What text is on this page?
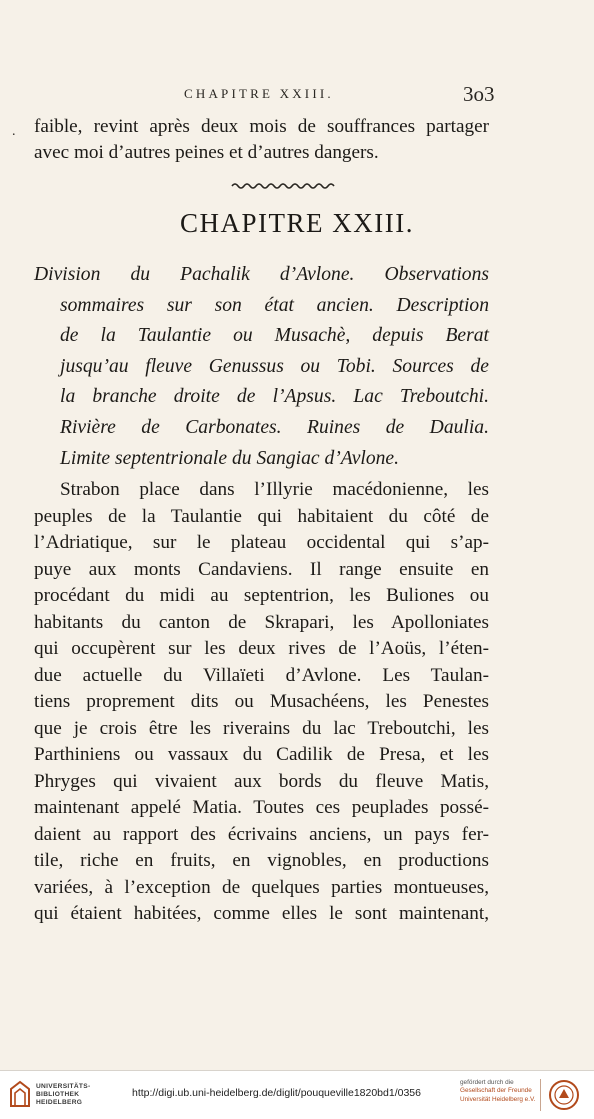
CHAPITRE XXIII.	3o3
. faible, revint après deux mois de souffrances partager
avec moi d’autres peines et d’autres dangers.
CHAPITRE XXIII.
Division du Pachalik d’Avlone. Observations
sommaires sur son état ancien. Description
de la Taulantie ou Musachè, depuis Berat
jusqu’au fleuve Genussus ou Tobi. Sources de
la branche droite de l’Apsus. Lac Treboutchi.
Rivière de Carbonates. Ruines de Daulia.
Limite septentrionale du Sangiac d’Avlone.
Strabon place dans l’Illyrie macédonienne, les
peuples de la Taulantie qui habitaient du côté de
l’Adriatique, sur le plateau occidental qui s’ap-
puye aux monts Candaviens. Il range ensuite en
procédant du midi au septentrion, les Buliones ou
habitants du canton de Skrapari, les Apolloniates
qui occupèrent sur les deux rives de l’Aoüs, l’éten-
due actuelle du Villaïeti d’Avlone. Les Taulan-
tiens proprement dits ou Musachéens, les Penestes
que je crois être les riverains du lac Treboutchi, les
Parthiniens ou vassaux du Cadilik de Presa, et les
Phryges qui vivaient aux bords du fleuve Matis,
maintenant appelé Matia. Toutes ces peuplades possé-
daient au rapport des écrivains anciens, un pays fer-
tile, riche en fruits, en vignobles, en productions
variées, à l’exception de quelques parties montueuses,
qui étaient habitées, comme elles le sont maintenant,
UNIVERSITÄTS-
BIBLIOTHEK
HEIDELBERG
http://digi.ub.uni-heidelberg.de/diglit/pouqueville1820bd1/0356
gefördert durch die
Gesellschaft der Freunde
Universität Heidelberg e.V.
